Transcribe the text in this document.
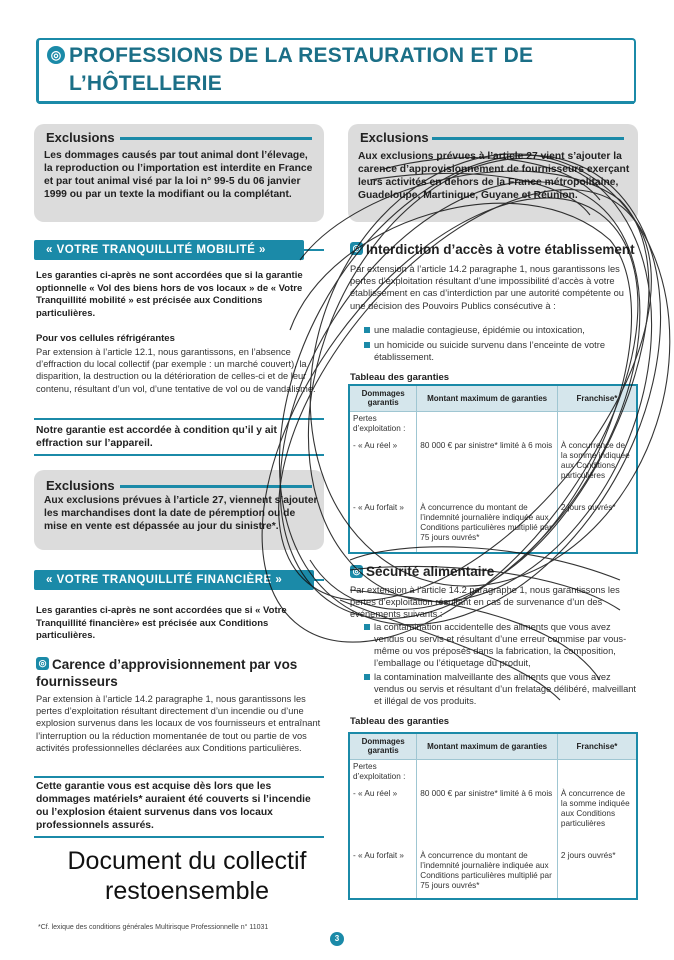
◎ PROFESSIONS DE LA RESTAURATION ET DE L’HÔTELLERIE
Exclusions
Les dommages causés par tout animal dont l’élevage, la reproduction ou l’importation est interdite en France et par tout animal visé par la loi n° 99-5 du 06 janvier 1999 ou par un texte la modifiant ou la complétant.
« VOTRE TRANQUILLITÉ MOBILITÉ »
Les garanties ci-après ne sont accordées que si la garantie optionnelle « Vol des biens hors de vos locaux » de « Votre Tranquillité mobilité » est précisée aux Conditions particulières.
Pour vos cellules réfrigérantes
Par extension à l’article 12.1, nous garantissons, en l’absence d’effraction du local collectif (par exemple : un marché couvert), la disparition, la destruction ou la détérioration de celles-ci et de leur contenu, résultant d’un vol, d’une tentative de vol ou de vandalisme.
Notre garantie est accordée à condition qu’il y ait effraction sur l’appareil.
Exclusions
Aux exclusions prévues à l’article 27, viennent s’ajouter les marchandises dont la date de péremption ou de mise en vente est dépassée au jour du sinistre*.
« VOTRE TRANQUILLITÉ FINANCIÈRE »
Les garanties ci-après ne sont accordées que si « Votre Tranquillité financière» est précisée aux Conditions particulières.
◎ Carence d’approvisionnement par vos fournisseurs
Par extension à l’article 14.2 paragraphe 1, nous garantissons les pertes d’exploitation résultant directement d’un incendie ou d’une explosion survenus dans les locaux de vos fournisseurs et entraînant l’interruption ou la réduction momentanée de tout ou partie de vos activités professionnelles déclarées aux Conditions particulières.
Cette garantie vous est acquise dès lors que les dommages matériels* auraient été couverts si l’incendie ou l’explosion étaient survenus dans vos locaux professionnels assurés.
Document du collectif restoensemble
*Cf. lexique des conditions générales Multirisque Professionnelle n° 11031
3
Exclusions
Aux exclusions prévues à l’article 27 vient s’ajouter la carence d’approvisionnement de fournisseurs exerçant leurs activités en dehors de la France métropolitaine, Guadeloupe, Martinique, Guyane et Réunion.
◎ Interdiction d’accès à votre établissement
Par extension à l’article 14.2 paragraphe 1, nous garantissons les pertes d’exploitation résultant d’une impossibilité d’accès à votre établissement en cas d’interdiction par une autorité compétente ou une décision des Pouvoirs Publics consécutive à :
une maladie contagieuse, épidémie ou intoxication,
un homicide ou suicide survenu dans l’enceinte de votre établissement.
Tableau des garanties
Dommages garantis	Montant maximum de garanties	Franchise*
Pertes d’exploitation :		
- « Au réel »	80 000 € par sinistre* limité à 6 mois	À concurrence de la somme indiquée aux Conditions particulières
- « Au forfait »	À concurrence du montant de l’indemnité journalière indiquée aux Conditions particulières multiplié par 75 jours ouvrés*	2 jours ouvrés*
◎ Sécurité alimentaire
Par extension à l’article 14.2 paragraphe 1, nous garantissons les pertes d’exploitation résultant en cas de survenance d’un des événements suivants :
la contamination accidentelle des aliments que vous avez vendus ou servis et résultant d’une erreur commise par vous-même ou vos préposés dans la fabrication, la composition, l’emballage ou l’étiquetage du produit,
la contamination malveillante des aliments que vous avez vendus ou servis et résultant d’un frelatage délibéré, malveillant et illégal de vos produits.
Tableau des garanties
Dommages garantis	Montant maximum de garanties	Franchise*
Pertes d’exploitation :		
- « Au réel »	80 000 € par sinistre* limité à 6 mois	À concurrence de la somme indiquée aux Conditions particulières
- « Au forfait »	À concurrence du montant de l’indemnité journalière indiquée aux Conditions particulières multiplié par 75 jours ouvrés*	2 jours ouvrés*
